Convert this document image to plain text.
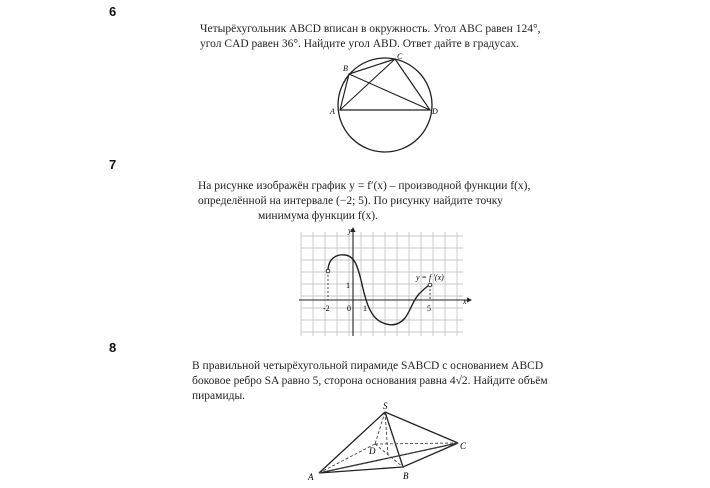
6
Четырёхугольник ABCD вписан в окружность. Угол ABC равен 124°,
угол CAD равен 36°. Найдите угол ABD. Ответ дайте в градусах.
A
B
C
D
7
На рисунке изображён график y = f′(x) – производной функции f(x),
определённой на интервале (−2; 5). По рисунку найдите точку
минимума функции f(x).
-2 0 1	5
1
x
y
y = f ′(x)
8
В правильной четырёхугольной пирамиде SABCD с основанием ABCD
боковое ребро SA равно 5, сторона основания равна 4√2. Найдите объём
пирамиды.
S
A	B
C
D
